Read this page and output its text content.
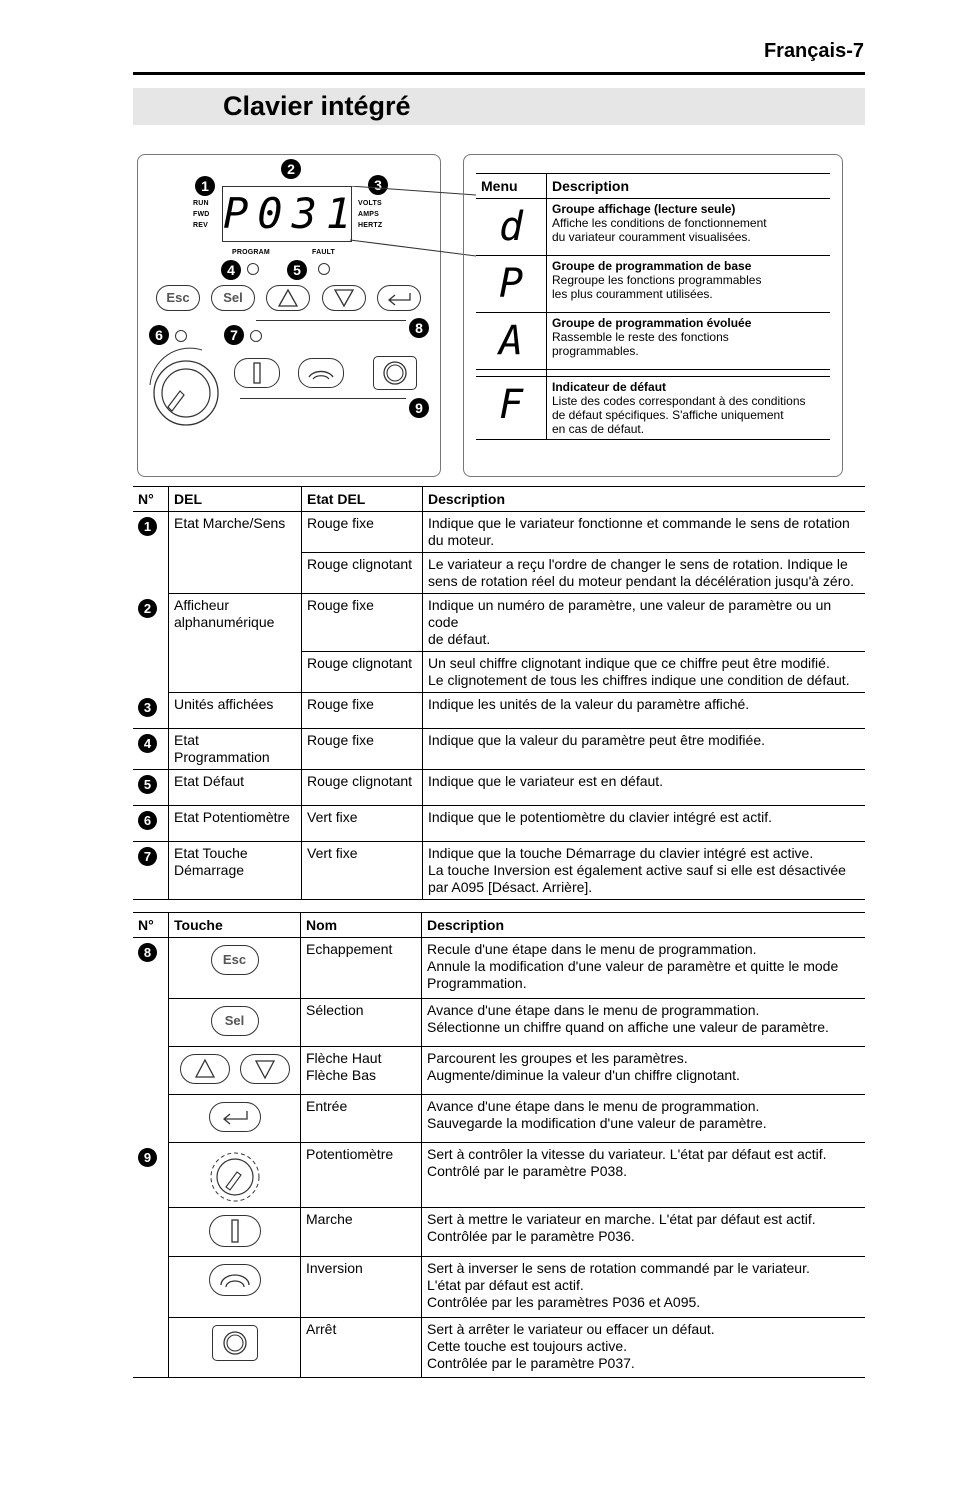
Français-7
Clavier intégré
2
1	3
RUN
FWD
REV P031
VOLTS
AMPS
HERTZ
PROGRAM	FAULT
4	5
Esc	Sel
8
6	7
9
Menu	Description
d	Groupe affichage (lecture seule)
Affiche les conditions de fonctionnement
du variateur couramment visualisées.

P	Groupe de programmation de base
Regroupe les fonctions programmables
les plus couramment utilisées.

A	Groupe de programmation évoluée
Rassemble le reste des fonctions
programmables.

F	Indicateur de défaut
Liste des codes correspondant à des conditions
de défaut spécifiques. S'affiche uniquement
en cas de défaut.
N°	DEL	Etat DEL	Description
1	Etat Marche/Sens	Rouge fixe	Indique que le variateur fonctionne et commande le sens de rotation
du moteur.
		Rouge clignotant	Le variateur a reçu l'ordre de changer le sens de rotation. Indique le
sens de rotation réel du moteur pendant la décélération jusqu'à zéro.
2	Afficheur
alphanumérique	Rouge fixe	Indique un numéro de paramètre, une valeur de paramètre ou un code
de défaut.
		Rouge clignotant	Un seul chiffre clignotant indique que ce chiffre peut être modifié.
Le clignotement de tous les chiffres indique une condition de défaut.
3	Unités affichées	Rouge fixe	Indique les unités de la valeur du paramètre affiché.
4	Etat Programmation	Rouge fixe	Indique que la valeur du paramètre peut être modifiée.
5	Etat Défaut	Rouge clignotant	Indique que le variateur est en défaut.
6	Etat Potentiomètre	Vert fixe	Indique que le potentiomètre du clavier intégré est actif.
7	Etat Touche
Démarrage	Vert fixe	Indique que la touche Démarrage du clavier intégré est active.
La touche Inversion est également active sauf si elle est désactivée
par A095 [Désact. Arrière].
N°	Touche	Nom	Description
8	Esc	Echappement	Recule d'une étape dans le menu de programmation.
Annule la modification d'une valeur de paramètre et quitte le mode
Programmation.

	Sel	Sélection	Avance d'une étape dans le menu de programmation.
Sélectionne un chiffre quand on affiche une valeur de paramètre.

	Flèche Haut
Flèche Bas	Parcourent les groupes et les paramètres.
Augmente/diminue la valeur d'un chiffre clignotant.

	Entrée	Avance d'une étape dans le menu de programmation.
Sauvegarde la modification d'une valeur de paramètre.
9		Potentiomètre	Sert à contrôler la vitesse du variateur. L'état par défaut est actif.
Contrôlé par le paramètre P038.

	Marche	Sert à mettre le variateur en marche. L'état par défaut est actif.
Contrôlée par le paramètre P036.

	Inversion	Sert à inverser le sens de rotation commandé par le variateur.
L'état par défaut est actif.
Contrôlée par les paramètres P036 et A095.

	Arrêt	Sert à arrêter le variateur ou effacer un défaut.
Cette touche est toujours active.
Contrôlée par le paramètre P037.
